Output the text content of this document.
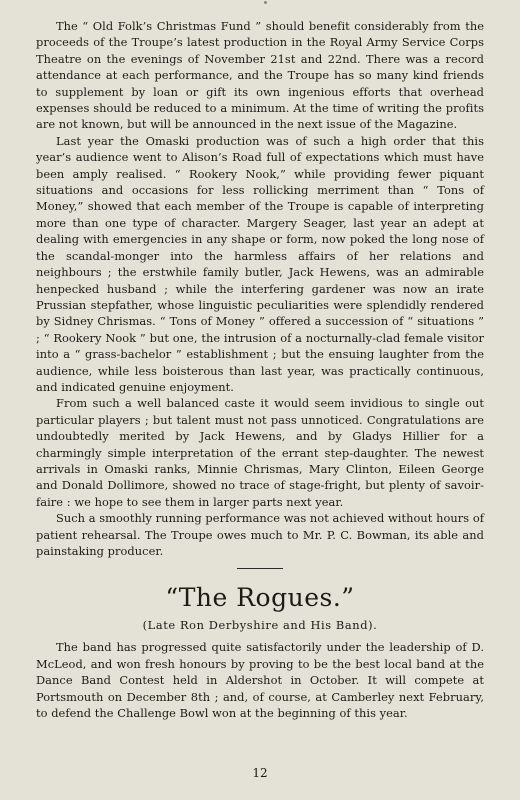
The “ Old Folk’s Christmas Fund ” should benefit considerably from the proceeds of the Troupe’s latest production in the Royal Army Service Corps Theatre on the evenings of November 21st and 22nd. There was a record attendance at each performance, and the Troupe has so many kind friends to supplement by loan or gift its own ingenious efforts that overhead expenses should be reduced to a minimum. At the time of writing the profits are not known, but will be announced in the next issue of the Magazine.

Last year the Omaski production was of such a high order that this year’s audience went to Alison’s Road full of expectations which must have been amply realised. “ Rookery Nook,” while providing fewer piquant situations and occasions for less rollicking merriment than “ Tons of Money,” showed that each member of the Troupe is capable of interpreting more than one type of character. Margery Seager, last year an adept at dealing with emergencies in any shape or form, now poked the long nose of the scandal-monger into the harmless affairs of her relations and neighbours ; the erstwhile family butler, Jack Hewens, was an admirable henpecked husband ; while the interfering gardener was now an irate Prussian stepfather, whose linguistic peculiarities were splendidly rendered by Sidney Chrismas. “ Tons of Money ” offered a succession of “ situations ” ; “ Rookery Nook ” but one, the intrusion of a nocturnally-clad female visitor into a “ grass-bachelor ” establishment ; but the ensuing laughter from the audience, while less boisterous than last year, was practically continuous, and indicated genuine enjoyment.

From such a well balanced caste it would seem invidious to single out particular players ; but talent must not pass unnoticed. Congratulations are undoubtedly merited by Jack Hewens, and by Gladys Hillier for a charmingly simple interpretation of the errant step-daughter. The newest arrivals in Omaski ranks, Minnie Chrismas, Mary Clinton, Eileen George and Donald Dollimore, showed no trace of stage-fright, but plenty of savoir-faire : we hope to see them in larger parts next year.

Such a smoothly running performance was not achieved without hours of patient rehearsal. The Troupe owes much to Mr. P. C. Bowman, its able and painstaking producer.

“The Rogues.”
(Late Ron Derbyshire and His Band).

The band has progressed quite satisfactorily under the leadership of D. McLeod, and won fresh honours by proving to be the best local band at the Dance Band Contest held in Aldershot in October. It will compete at Portsmouth on December 8th ; and, of course, at Camberley next February, to defend the Challenge Bowl won at the beginning of this year.

12
